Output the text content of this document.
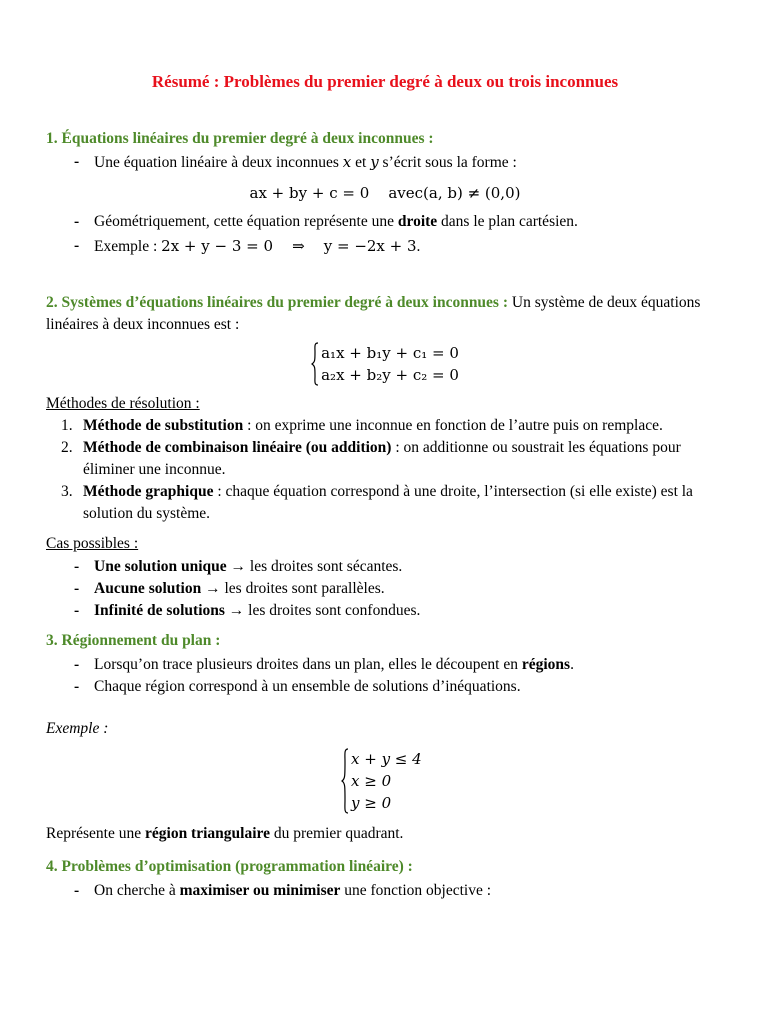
Résumé : Problèmes du premier degré à deux ou trois inconnues

1. Équations linéaires du premier degré à deux inconnues :
- Une équation linéaire à deux inconnues x et y s’écrit sous la forme :
ax + by + c = 0    avec(a, b) ≠ (0,0)
- Géométriquement, cette équation représente une droite dans le plan cartésien.
- Exemple : 2x + y − 3 = 0    ⇒    y = −2x + 3.
2. Systèmes d’équations linéaires du premier degré à deux inconnues : Un système de deux équations linéaires à deux inconnues est :
a₁x + b₁y + c₁ = 0
a₂x + b₂y + c₂ = 0
Méthodes de résolution :
1. Méthode de substitution : on exprime une inconnue en fonction de l’autre puis on remplace.
2. Méthode de combinaison linéaire (ou addition) : on additionne ou soustrait les équations pour éliminer une inconnue.
3. Méthode graphique : chaque équation correspond à une droite, l’intersection (si elle existe) est la solution du système.
Cas possibles :
- Une solution unique → les droites sont sécantes.
- Aucune solution → les droites sont parallèles.
- Infinité de solutions → les droites sont confondues.
3. Régionnement du plan :
- Lorsqu’on trace plusieurs droites dans un plan, elles le découpent en régions.
- Chaque région correspond à un ensemble de solutions d’inéquations.
Exemple :
x + y ≤ 4
x ≥ 0
y ≥ 0
Représente une région triangulaire du premier quadrant.
4. Problèmes d’optimisation (programmation linéaire) :
- On cherche à maximiser ou minimiser une fonction objective :
